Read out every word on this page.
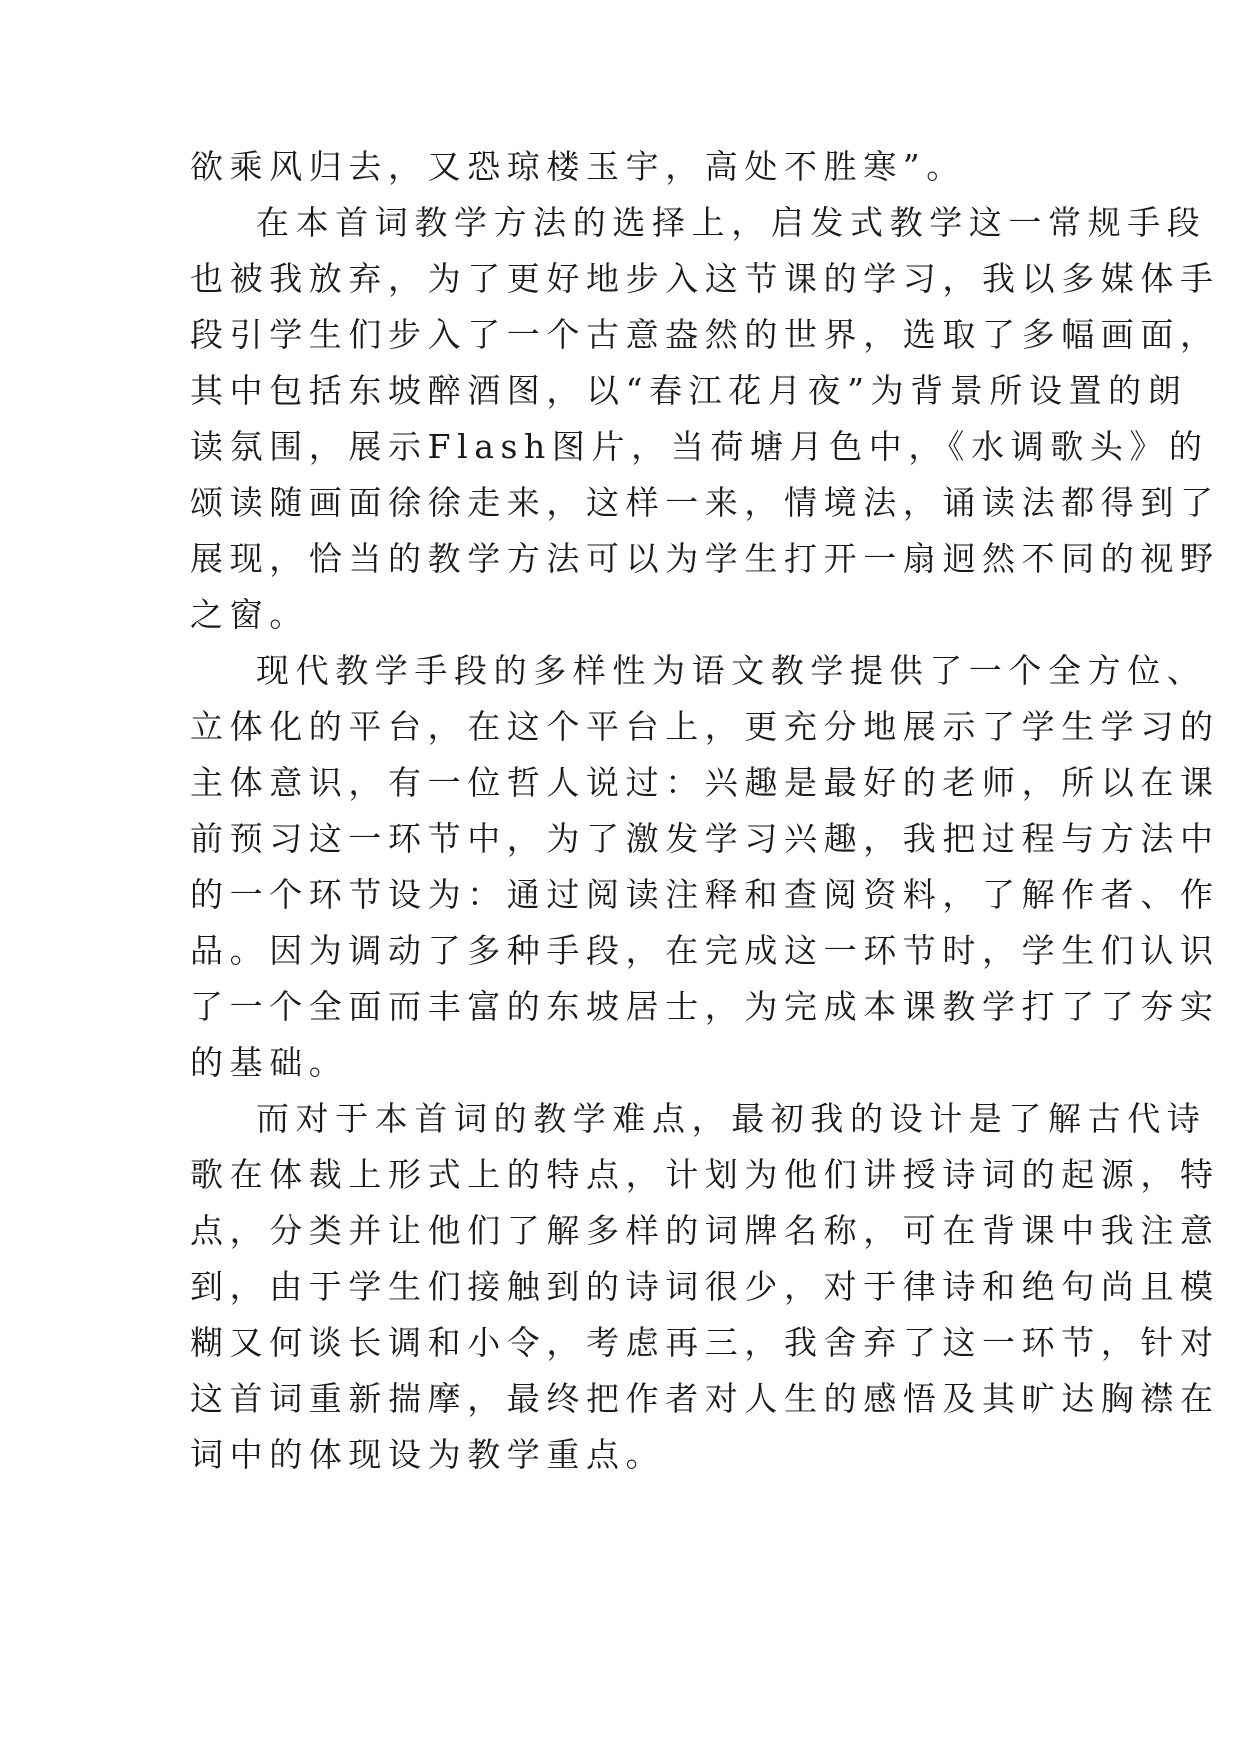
欲乘风归去，又恐琼楼玉宇，高处不胜寒”。
在本首词教学方法的选择上，启发式教学这一常规手段
也被我放弃，为了更好地步入这节课的学习，我以多媒体手
段引学生们步入了一个古意盎然的世界，选取了多幅画面，
其中包括东坡醉酒图，以“春江花月夜”为背景所设置的朗
读氛围，展示Flash图片，当荷塘月色中，《水调歌头》的
颂读随画面徐徐走来，这样一来，情境法，诵读法都得到了
展现，恰当的教学方法可以为学生打开一扇迥然不同的视野
之窗。
现代教学手段的多样性为语文教学提供了一个全方位、
立体化的平台，在这个平台上，更充分地展示了学生学习的
主体意识，有一位哲人说过：兴趣是最好的老师，所以在课
前预习这一环节中，为了激发学习兴趣，我把过程与方法中
的一个环节设为：通过阅读注释和查阅资料，了解作者、作
品。因为调动了多种手段，在完成这一环节时，学生们认识
了一个全面而丰富的东坡居士，为完成本课教学打了了夯实
的基础。
而对于本首词的教学难点，最初我的设计是了解古代诗
歌在体裁上形式上的特点，计划为他们讲授诗词的起源，特
点，分类并让他们了解多样的词牌名称，可在背课中我注意
到，由于学生们接触到的诗词很少，对于律诗和绝句尚且模
糊又何谈长调和小令，考虑再三，我舍弃了这一环节，针对
这首词重新揣摩，最终把作者对人生的感悟及其旷达胸襟在
词中的体现设为教学重点。
